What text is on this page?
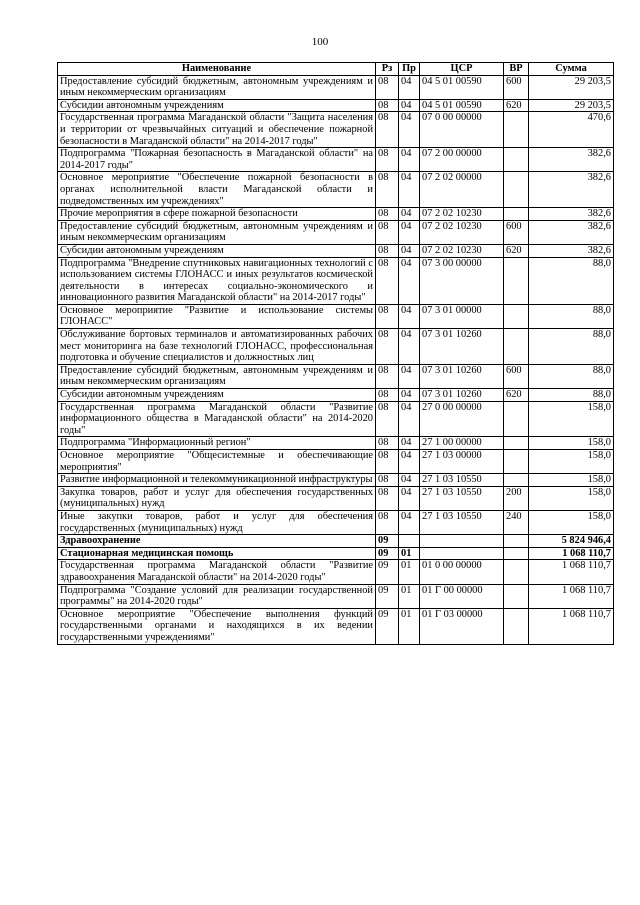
100
Наименование	Рз	Пр	ЦСР	ВР	Сумма
Предоставление субсидий бюджетным, автономным учреждениям и иным некоммерческим организациям	08	04	04 5 01 00590	600	29 203,5
Субсидии автономным учреждениям	08	04	04 5 01 00590	620	29 203,5
Государственная программа Магаданской области "Защита населения и территории от чрезвычайных ситуаций и обеспечение пожарной безопасности в Магаданской области" на 2014-2017 годы"	08	04	07 0 00 00000		470,6
Подпрограмма "Пожарная безопасность в Магаданской области" на 2014-2017 годы"	08	04	07 2 00 00000		382,6
Основное мероприятие "Обеспечение пожарной безопасности в органах исполнительной власти Магаданской области и подведомственных им учреждениях"	08	04	07 2 02 00000		382,6
Прочие мероприятия в сфере пожарной безопасности	08	04	07 2 02 10230		382,6
Предоставление субсидий бюджетным, автономным учреждениям и иным некоммерческим организациям	08	04	07 2 02 10230	600	382,6
Субсидии автономным учреждениям	08	04	07 2 02 10230	620	382,6
Подпрограмма "Внедрение спутниковых навигационных технологий с использованием системы ГЛОНАСС и иных результатов космической деятельности в интересах социально-экономического и инновационного развития Магаданской области" на 2014-2017 годы"	08	04	07 3 00 00000		88,0
Основное мероприятие "Развитие и использование системы ГЛОНАСС"	08	04	07 3 01 00000		88,0
Обслуживание бортовых терминалов и автоматизированных рабочих мест мониторинга на базе технологий ГЛОНАСС, профессиональная подготовка и обучение специалистов и должностных лиц	08	04	07 3 01 10260		88,0
Предоставление субсидий бюджетным, автономным учреждениям и иным некоммерческим организациям	08	04	07 3 01 10260	600	88,0
Субсидии автономным учреждениям	08	04	07 3 01 10260	620	88,0
Государственная программа Магаданской области "Развитие информационного общества в Магаданской области" на 2014-2020 годы"	08	04	27 0 00 00000		158,0
Подпрограмма "Информационный регион"	08	04	27 1 00 00000		158,0
Основное мероприятие "Общесистемные и обеспечивающие мероприятия"	08	04	27 1 03 00000		158,0
Развитие информационной и телекоммуникационной инфраструктуры	08	04	27 1 03 10550		158,0
Закупка товаров, работ и услуг для обеспечения государственных (муниципальных) нужд	08	04	27 1 03 10550	200	158,0
Иные закупки товаров, работ и услуг для обеспечения государственных (муниципальных) нужд	08	04	27 1 03 10550	240	158,0
Здравоохранение	09				5 824 946,4
Стационарная медицинская помощь	09	01			1 068 110,7
Государственная программа Магаданской области "Развитие здравоохранения Магаданской области" на 2014-2020 годы"	09	01	01 0 00 00000		1 068 110,7
Подпрограмма "Создание условий для реализации государственной программы" на 2014-2020 годы"	09	01	01 Г 00 00000		1 068 110,7
Основное мероприятие "Обеспечение выполнения функций государственными органами и находящихся в их ведении государственными учреждениями"	09	01	01 Г 03 00000		1 068 110,7
